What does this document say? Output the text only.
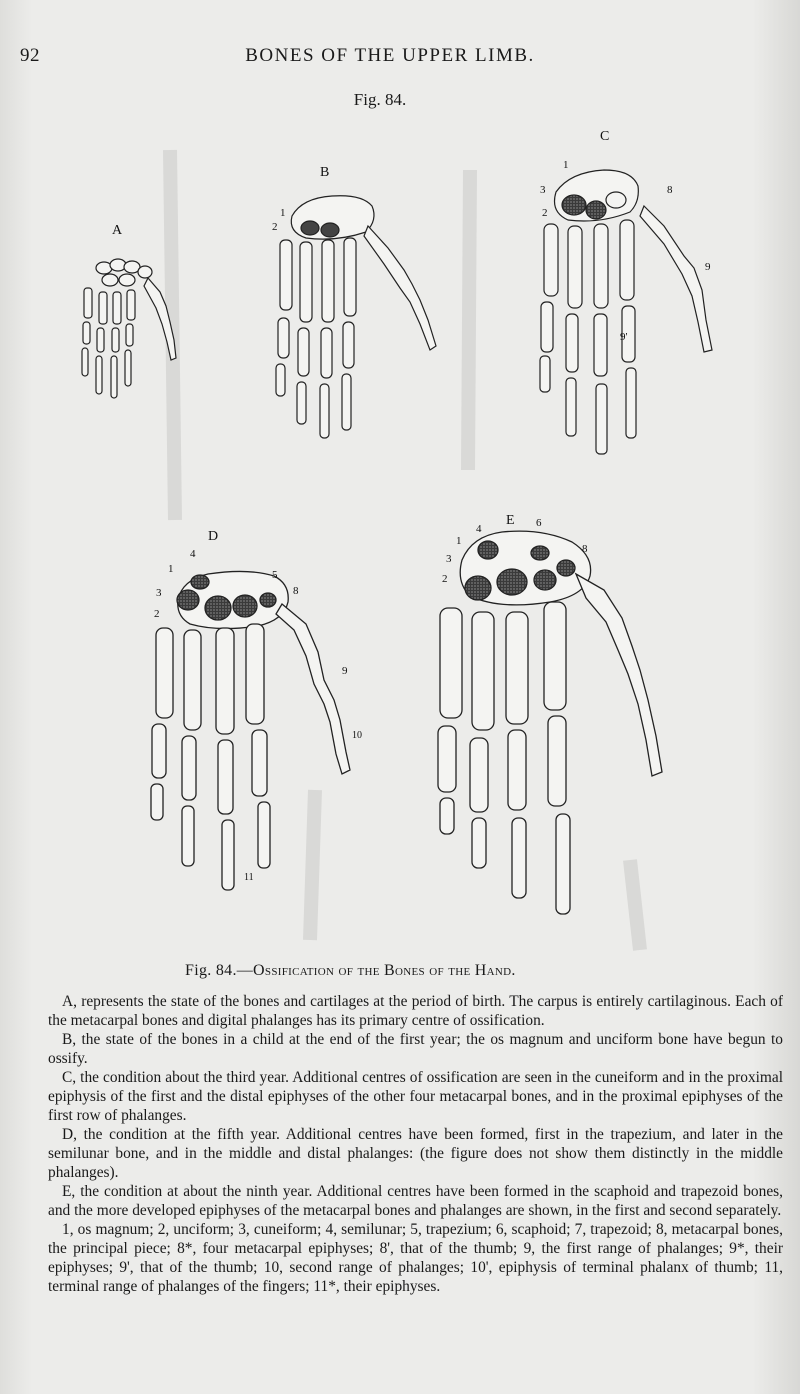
92	BONES OF THE UPPER LIMB.
Fig. 84.
B
1
2
C
1
3
2
8
9
9'
D
4
1
3
2
5
8
9
10
11
E
4	6
1
3
2
8
A
Fig. 84.—Ossification of the Bones of the Hand.

A, represents the state of the bones and cartilages at the period of birth. The carpus is entirely cartilaginous. Each of the metacarpal bones and digital phalanges has its primary centre of ossification.

B, the state of the bones in a child at the end of the first year; the os magnum and unciform bone have begun to ossify.

C, the condition about the third year. Additional centres of ossification are seen in the cuneiform and in the proximal epiphysis of the first and the distal epiphyses of the other four metacarpal bones, and in the proximal epiphyses of the first row of phalanges.

D, the condition at the fifth year. Additional centres have been formed, first in the trapezium, and later in the semilunar bone, and in the middle and distal phalanges: (the figure does not show them distinctly in the middle phalanges).

E, the condition at about the ninth year. Additional centres have been formed in the scaphoid and trapezoid bones, and the more developed epiphyses of the metacarpal bones and phalanges are shown, in the first and second separately.

1, os magnum; 2, unciform; 3, cuneiform; 4, semilunar; 5, trapezium; 6, scaphoid; 7, trapezoid; 8, metacarpal bones, the principal piece; 8*, four metacarpal epiphyses; 8', that of the thumb; 9, the first range of phalanges; 9*, their epiphyses; 9', that of the thumb; 10, second range of phalanges; 10', epiphysis of terminal phalanx of thumb; 11, terminal range of phalanges of the fingers; 11*, their epiphyses.
